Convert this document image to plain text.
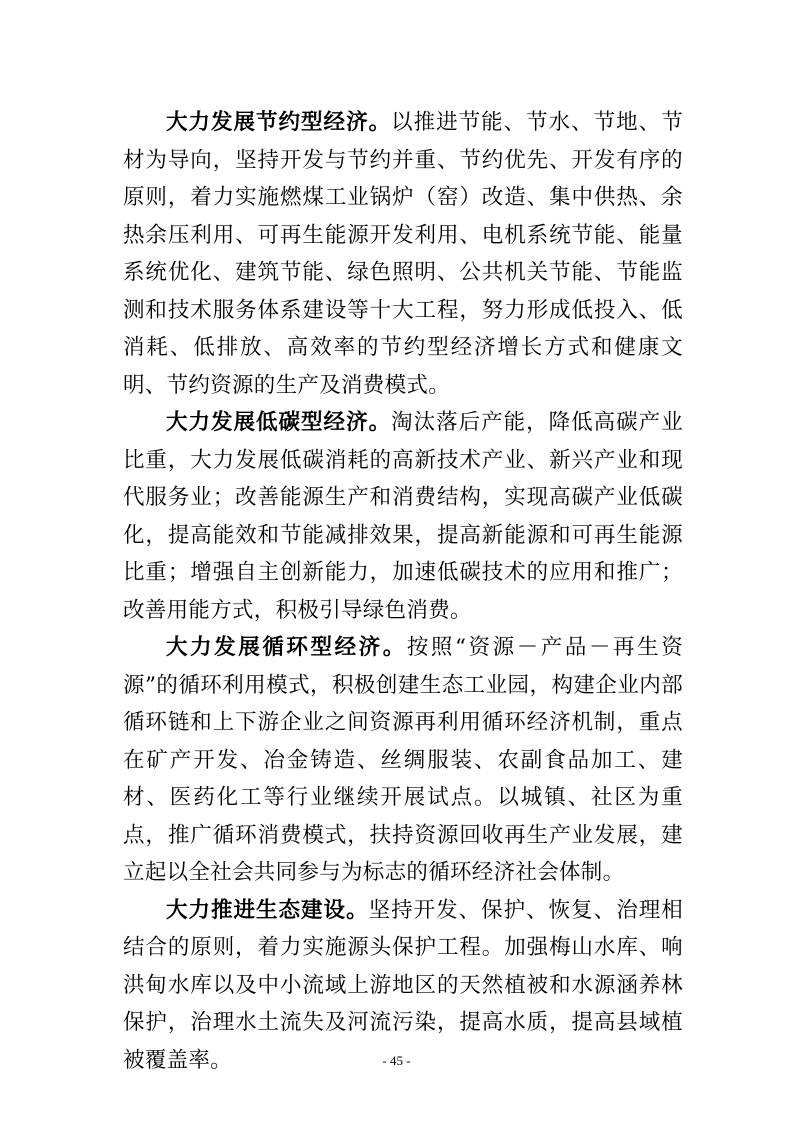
大力发展节约型经济。以推进节能、节水、节地、节材为导向，坚持开发与节约并重、节约优先、开发有序的原则，着力实施燃煤工业锅炉（窑）改造、集中供热、余热余压利用、可再生能源开发利用、电机系统节能、能量系统优化、建筑节能、绿色照明、公共机关节能、节能监测和技术服务体系建设等十大工程，努力形成低投入、低消耗、低排放、高效率的节约型经济增长方式和健康文明、节约资源的生产及消费模式。

大力发展低碳型经济。淘汰落后产能，降低高碳产业比重，大力发展低碳消耗的高新技术产业、新兴产业和现代服务业；改善能源生产和消费结构，实现高碳产业低碳化，提高能效和节能减排效果，提高新能源和可再生能源比重；增强自主创新能力，加速低碳技术的应用和推广；改善用能方式，积极引导绿色消费。

大力发展循环型经济。按照“资源－产品－再生资源”的循环利用模式，积极创建生态工业园，构建企业内部循环链和上下游企业之间资源再利用循环经济机制，重点在矿产开发、冶金铸造、丝绸服装、农副食品加工、建材、医药化工等行业继续开展试点。以城镇、社区为重点，推广循环消费模式，扶持资源回收再生产业发展，建立起以全社会共同参与为标志的循环经济社会体制。

大力推进生态建设。坚持开发、保护、恢复、治理相结合的原则，着力实施源头保护工程。加强梅山水库、响洪甸水库以及中小流域上游地区的天然植被和水源涵养林保护，治理水土流失及河流污染，提高水质，提高县域植被覆盖率。	- 45 -
